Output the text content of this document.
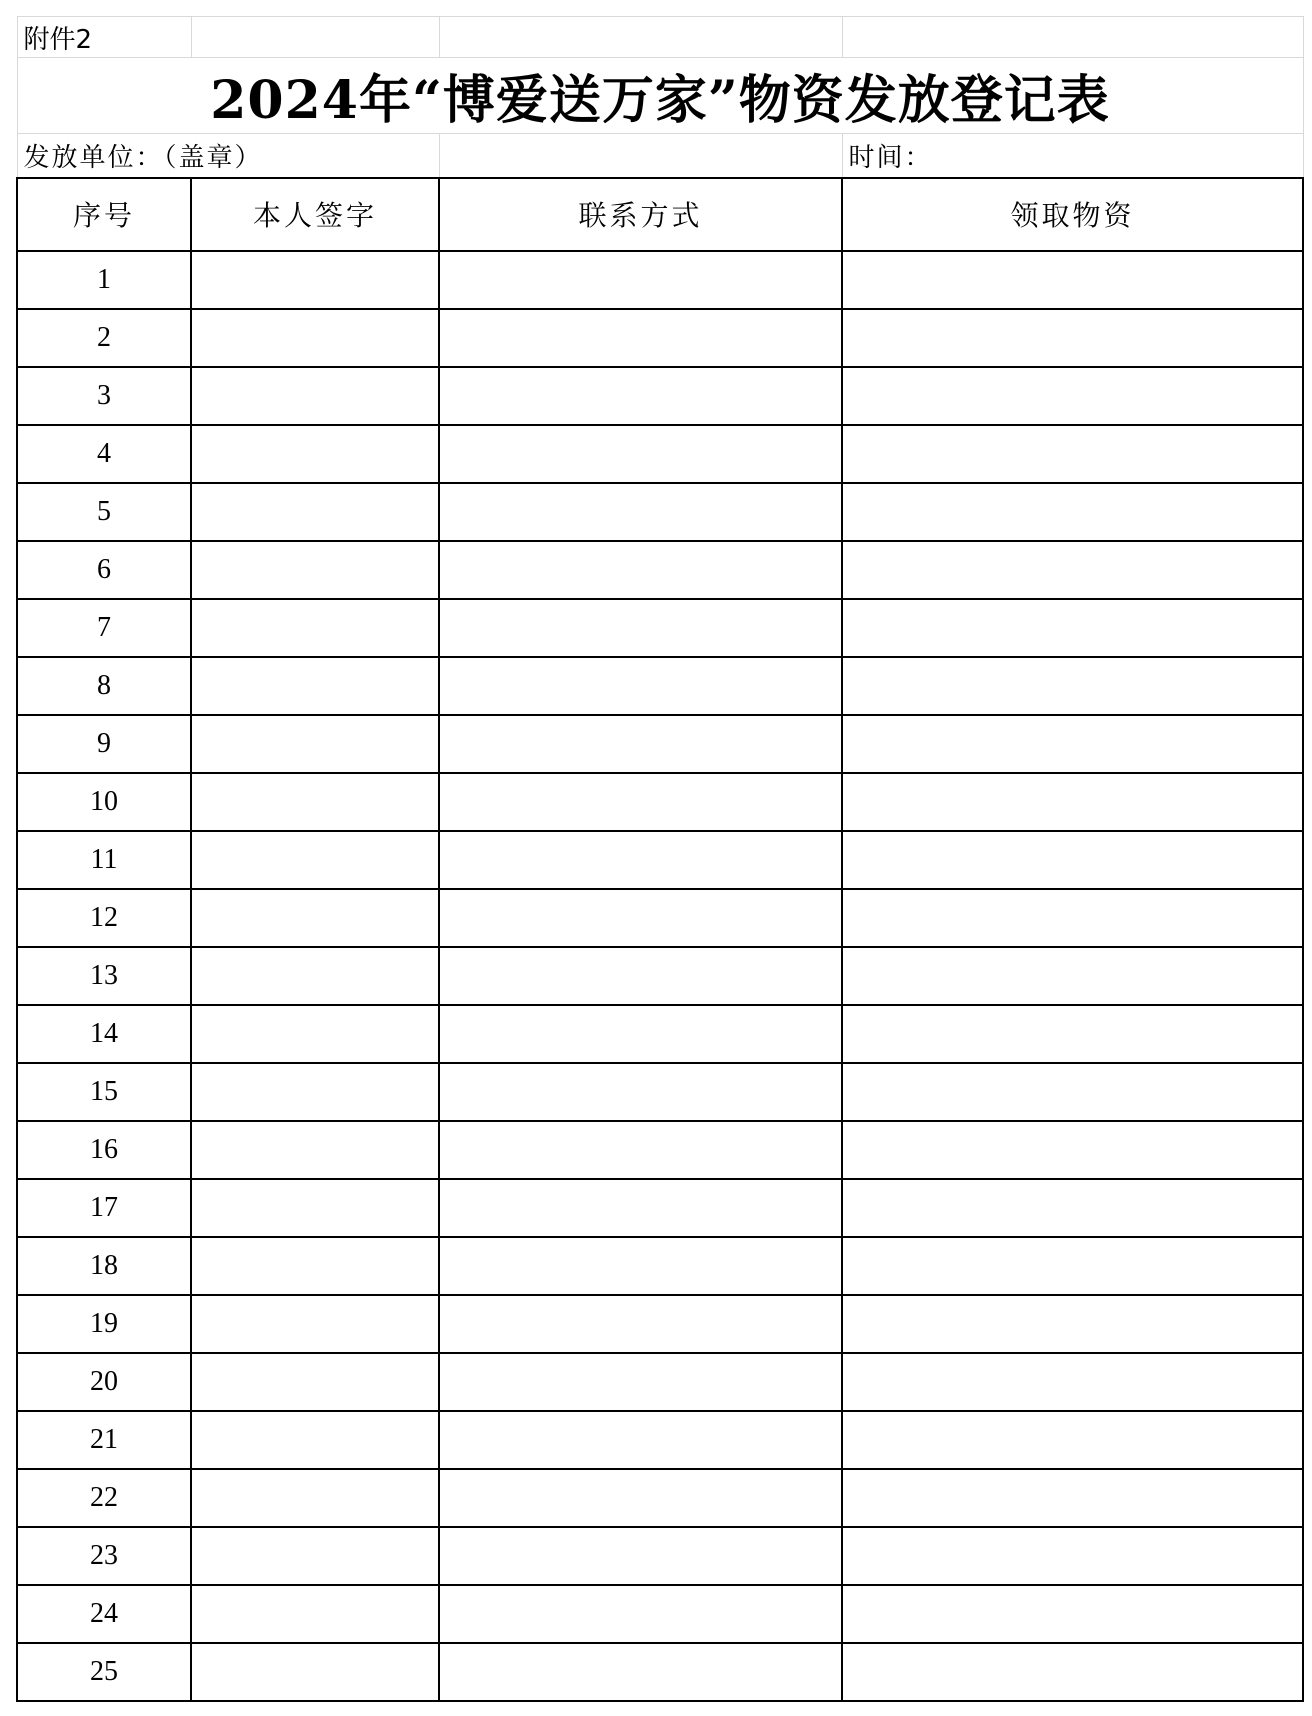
附件2			
2024年“博爱送万家”物资发放登记表			
发放单位：（盖章）			时间：
序号	本人签字	联系方式	领取物资
1			
2			
3			
4			
5			
6			
7			
8			
9			
10			
11			
12			
13			
14			
15			
16			
17			
18			
19			
20			
21			
22			
23			
24			
25			
